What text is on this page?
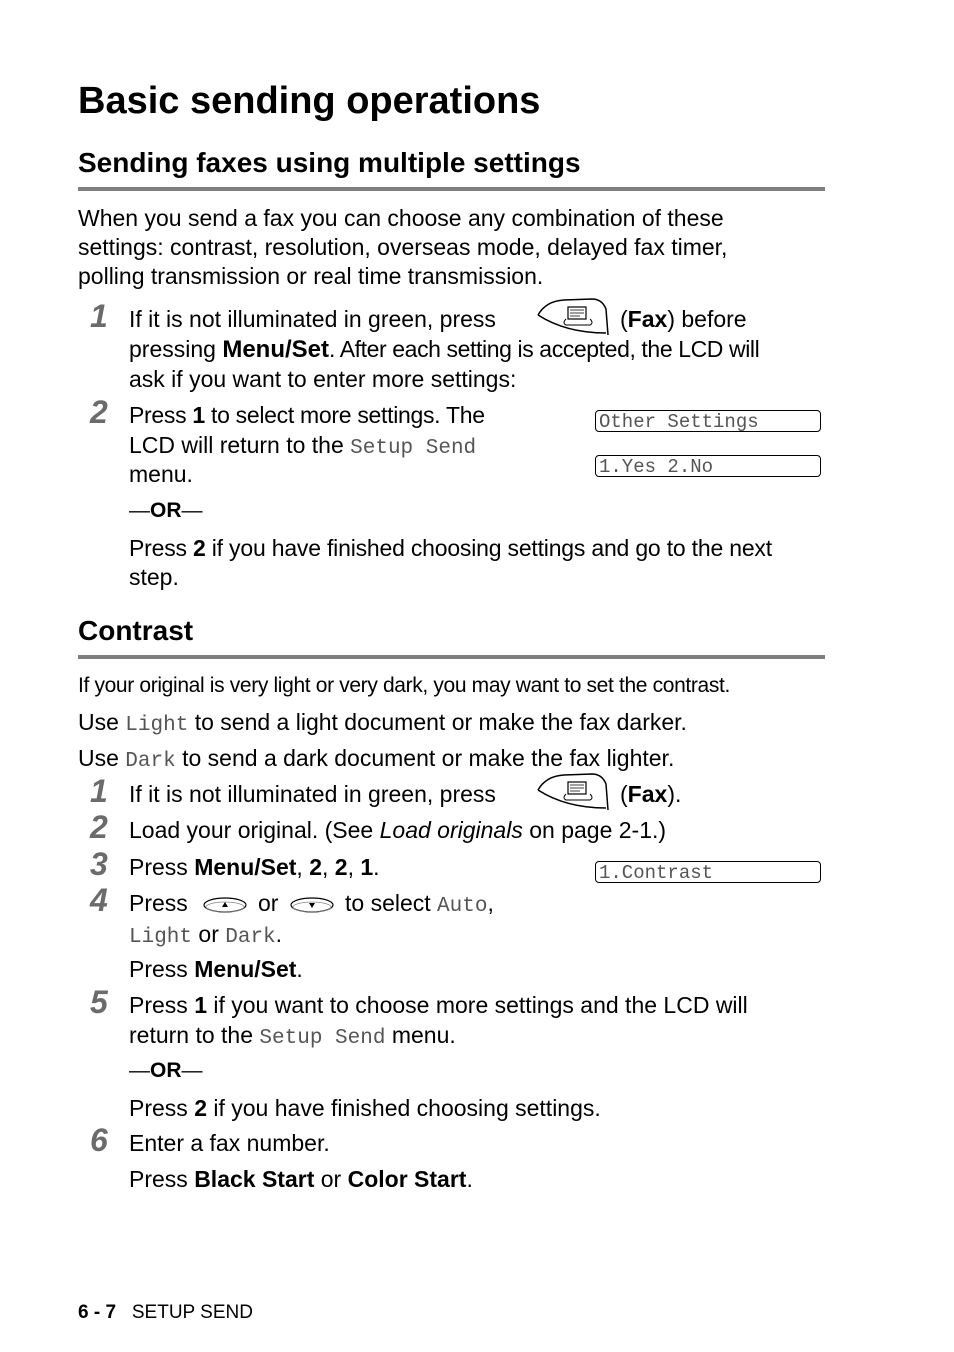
Basic sending operations
Sending faxes using multiple settings
When you send a fax you can choose any combination of these
settings: contrast, resolution, overseas mode, delayed fax timer,
polling transmission or real time transmission.
1 If it is not illuminated in green, press	(Fax) before
pressing Menu/Set. After each setting is accepted, the LCD will
ask if you want to enter more settings:
2 Press 1 to select more settings. The
LCD will return to the Setup Send
menu.
Other Settings
1.Yes 2.No
—OR—
Press 2 if you have finished choosing settings and go to the next
step.
Contrast
If your original is very light or very dark, you may want to set the contrast.
Use Light to send a light document or make the fax darker.
Use Dark to send a dark document or make the fax lighter.
1 If it is not illuminated in green, press	(Fax).
2 Load your original. (See Load originals on page 2-1.)
3 Press Menu/Set, 2, 2, 1.	1.Contrast
4 Press	or	to select Auto,
Light or Dark.
Press Menu/Set.
5 Press 1 if you want to choose more settings and the LCD will
return to the Setup Send menu.
—OR—
Press 2 if you have finished choosing settings.
6 Enter a fax number.
Press Black Start or Color Start.
6 - 7 SETUP SEND
